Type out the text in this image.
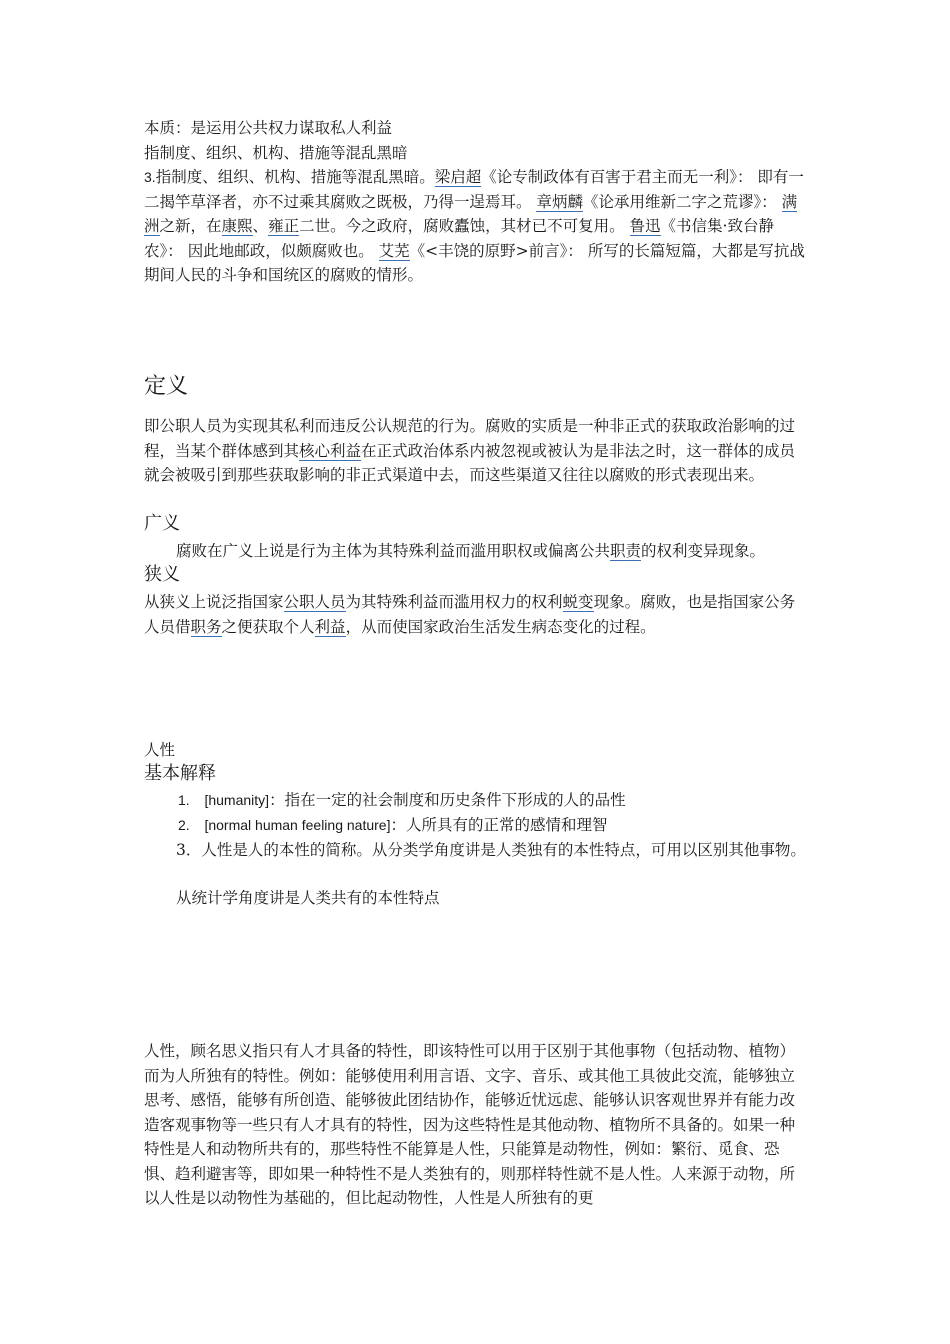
本质：是运用公共权力谋取私人利益

指制度、组织、机构、措施等混乱黑暗

3.指制度、组织、机构、措施等混乱黑暗。梁启超《论专制政体有百害于君主而无一利》： 即有一二揭竿草泽者，亦不过乘其腐败之既极，乃得一逞焉耳。 章炳麟《论承用维新二字之荒谬》： 满洲之新，在康熙、雍正二世。今之政府，腐败蠹蚀，其材已不可复用。 鲁迅《书信集·致台静农》： 因此地邮政，似颇腐败也。 艾芜《<丰饶的原野>前言》： 所写的长篇短篇，大都是写抗战期间人民的斗争和国统区的腐败的情形。

定义

即公职人员为实现其私利而违反公认规范的行为。腐败的实质是一种非正式的获取政治影响的过程，当某个群体感到其核心利益在正式政治体系内被忽视或被认为是非法之时，这一群体的成员就会被吸引到那些获取影响的非正式渠道中去，而这些渠道又往往以腐败的形式表现出来。

广义

腐败在广义上说是行为主体为其特殊利益而滥用职权或偏离公共职责的权利变异现象。

狭义

从狭义上说泛指国家公职人员为其特殊利益而滥用权力的权利蜕变现象。腐败，也是指国家公务人员借职务之便获取个人利益，从而使国家政治生活发生病态变化的过程。

人性
基本解释

1. [humanity]：指在一定的社会制度和历史条件下形成的人的品性

2. [normal human feeling nature]：人所具有的正常的感情和理智

3．人性是人的本性的简称。从分类学角度讲是人类独有的本性特点，可用以区别其他事物。

从统计学角度讲是人类共有的本性特点

人性，顾名思义指只有人才具备的特性，即该特性可以用于区别于其他事物（包括动物、植物）而为人所独有的特性。例如：能够使用利用言语、文字、音乐、或其他工具彼此交流，能够独立思考、感悟，能够有所创造、能够彼此团结协作，能够近忧远虑、能够认识客观世界并有能力改造客观事物等一些只有人才具有的特性，因为这些特性是其他动物、植物所不具备的。如果一种特性是人和动物所共有的，那些特性不能算是人性，只能算是动物性，例如：繁衍、觅食、恐惧、趋利避害等，即如果一种特性不是人类独有的，则那样特性就不是人性。人来源于动物，所以人性是以动物性为基础的，但比起动物性，人性是人所独有的更
